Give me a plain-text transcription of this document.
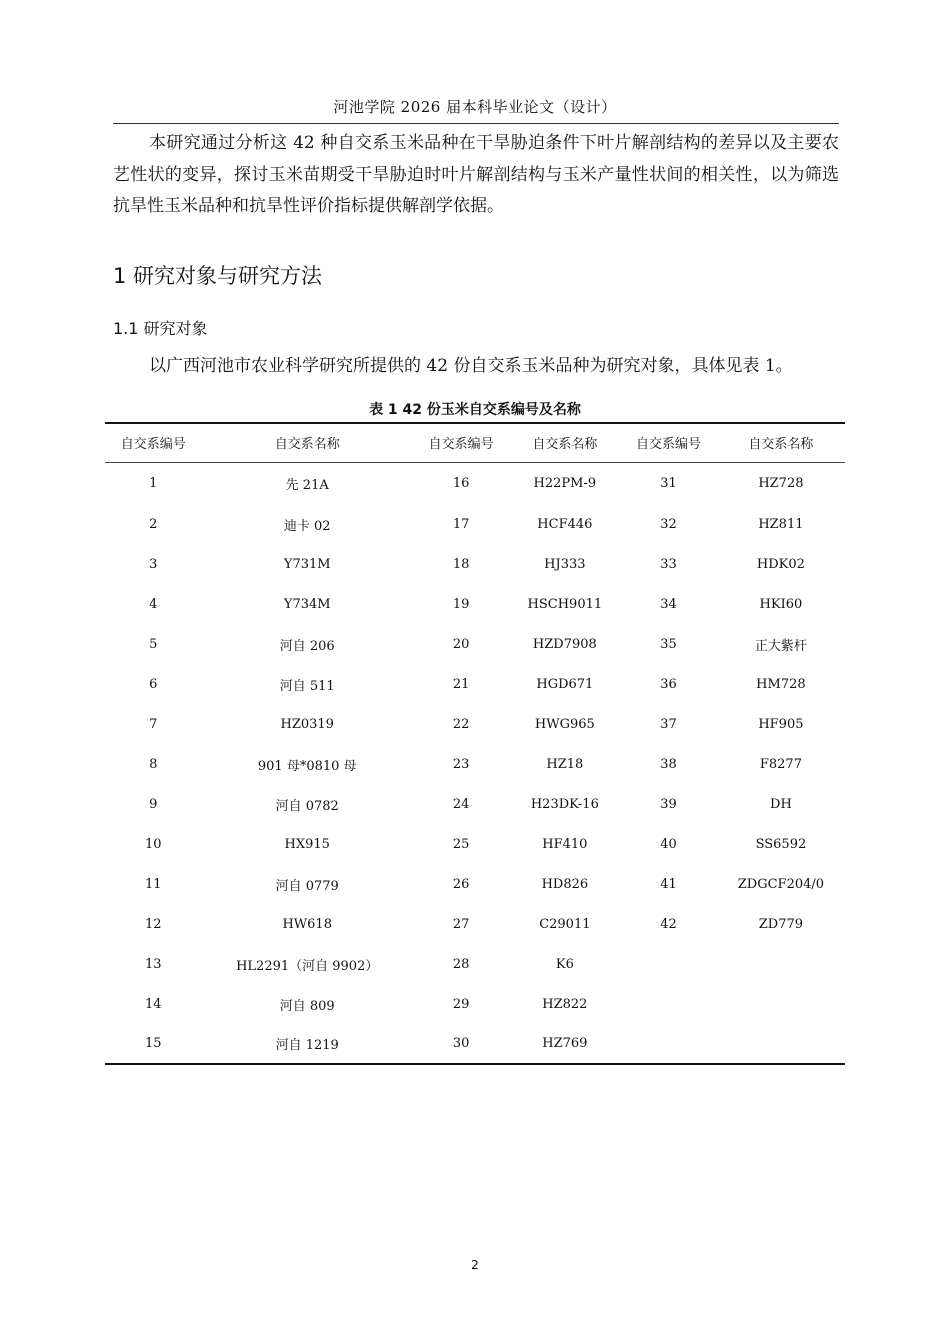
河池学院 2026 届本科毕业论文（设计）

本研究通过分析这 42 种自交系玉米品种在干旱胁迫条件下叶片解剖结构的差异以及主要农艺性状的变异，探讨玉米苗期受干旱胁迫时叶片解剖结构与玉米产量性状间的相关性，以为筛选抗旱性玉米品种和抗旱性评价指标提供解剖学依据。

1 研究对象与研究方法
1.1 研究对象

以广西河池市农业科学研究所提供的 42 份自交系玉米品种为研究对象，具体见表 1。

表 1 42 份玉米自交系编号及名称
自交系编号	自交系名称	自交系编号	自交系名称	自交系编号	自交系名称
1	先 21A	16	H22PM-9	31	HZ728
2	迪卡 02	17	HCF446	32	HZ811
3	Y731M	18	HJ333	33	HDK02
4	Y734M	19	HSCH9011	34	HKI60
5	河自 206	20	HZD7908	35	正大紫杆
6	河自 511	21	HGD671	36	HM728
7	HZ0319	22	HWG965	37	HF905
8	901 母*0810 母	23	HZ18	38	F8277
9	河自 0782	24	H23DK-16	39	DH
10	HX915	25	HF410	40	SS6592
11	河自 0779	26	HD826	41	ZDGCF204/0
12	HW618	27	C29011	42	ZD779
13	HL2291（河自 9902）	28	K6		
14	河自 809	29	HZ822		
15	河自 1219	30	HZ769		
2
